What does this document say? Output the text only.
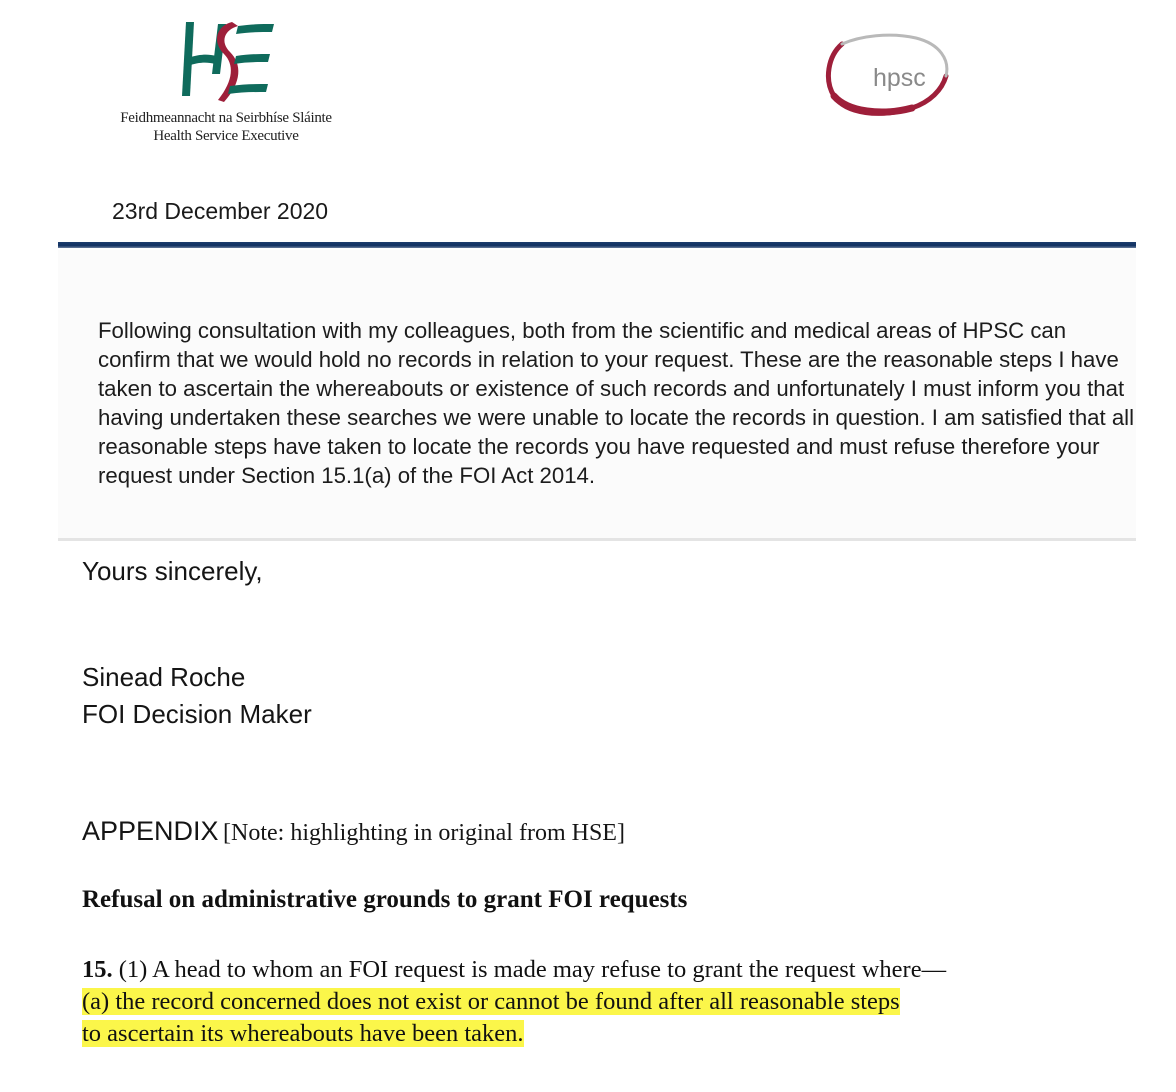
Feidhmeannacht na Seirbhíse Sláinte
Health Service Executive
hpsc
23rd December 2020

Following consultation with my colleagues, both from the scientific and medical areas of HPSC can confirm that we would hold no records in relation to your request. These are the reasonable steps I have taken to ascertain the whereabouts or existence of such records and unfortunately I must inform you that having undertaken these searches we were unable to locate the records in question. I am satisfied that all reasonable steps have taken to locate the records you have requested and must refuse therefore your request under Section 15.1(a) of the FOI Act 2014.

Yours sincerely,
Sinead Roche
FOI Decision Maker
APPENDIX [Note: highlighting in original from HSE]
Refusal on administrative grounds to grant FOI requests
15. (1) A head to whom an FOI request is made may refuse to grant the request where—
(a) the record concerned does not exist or cannot be found after all reasonable steps
to ascertain its whereabouts have been taken.
